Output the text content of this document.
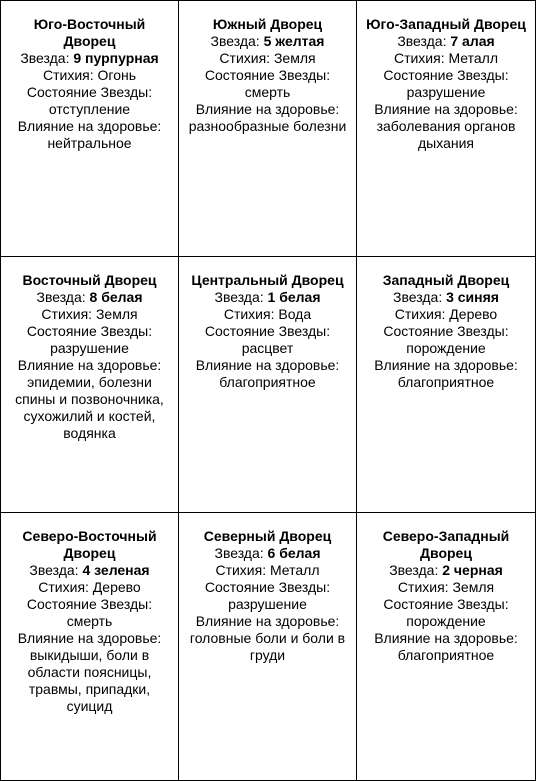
Юго-Восточный Дворец
Звезда: 9 пурпурная
Стихия: Огонь
Состояние Звезды: отступление
Влияние на здоровье: нейтральное
Южный Дворец
Звезда: 5 желтая
Стихия: Земля
Состояние Звезды: смерть
Влияние на здоровье: разнообразные болезни
Юго-Западный Дворец
Звезда: 7 алая
Стихия: Металл
Состояние Звезды: разрушение
Влияние на здоровье: заболевания органов дыхания
Восточный Дворец
Звезда: 8 белая
Стихия: Земля
Состояние Звезды: разрушение
Влияние на здоровье: эпидемии, болезни спины и позвоночника, сухожилий и костей, водянка
Центральный Дворец
Звезда: 1 белая
Стихия: Вода
Состояние Звезды: расцвет
Влияние на здоровье: благоприятное
Западный Дворец
Звезда: 3 синяя
Стихия: Дерево
Состояние Звезды: порождение
Влияние на здоровье: благоприятное
Северо-Восточный Дворец
Звезда: 4 зеленая
Стихия: Дерево
Состояние Звезды: смерть
Влияние на здоровье: выкидыши, боли в области поясницы, травмы, припадки, суицид
Северный Дворец
Звезда: 6 белая
Стихия: Металл
Состояние Звезды: разрушение
Влияние на здоровье: головные боли и боли в груди
Северо-Западный Дворец
Звезда: 2 черная
Стихия: Земля
Состояние Звезды: порождение
Влияние на здоровье: благоприятное
